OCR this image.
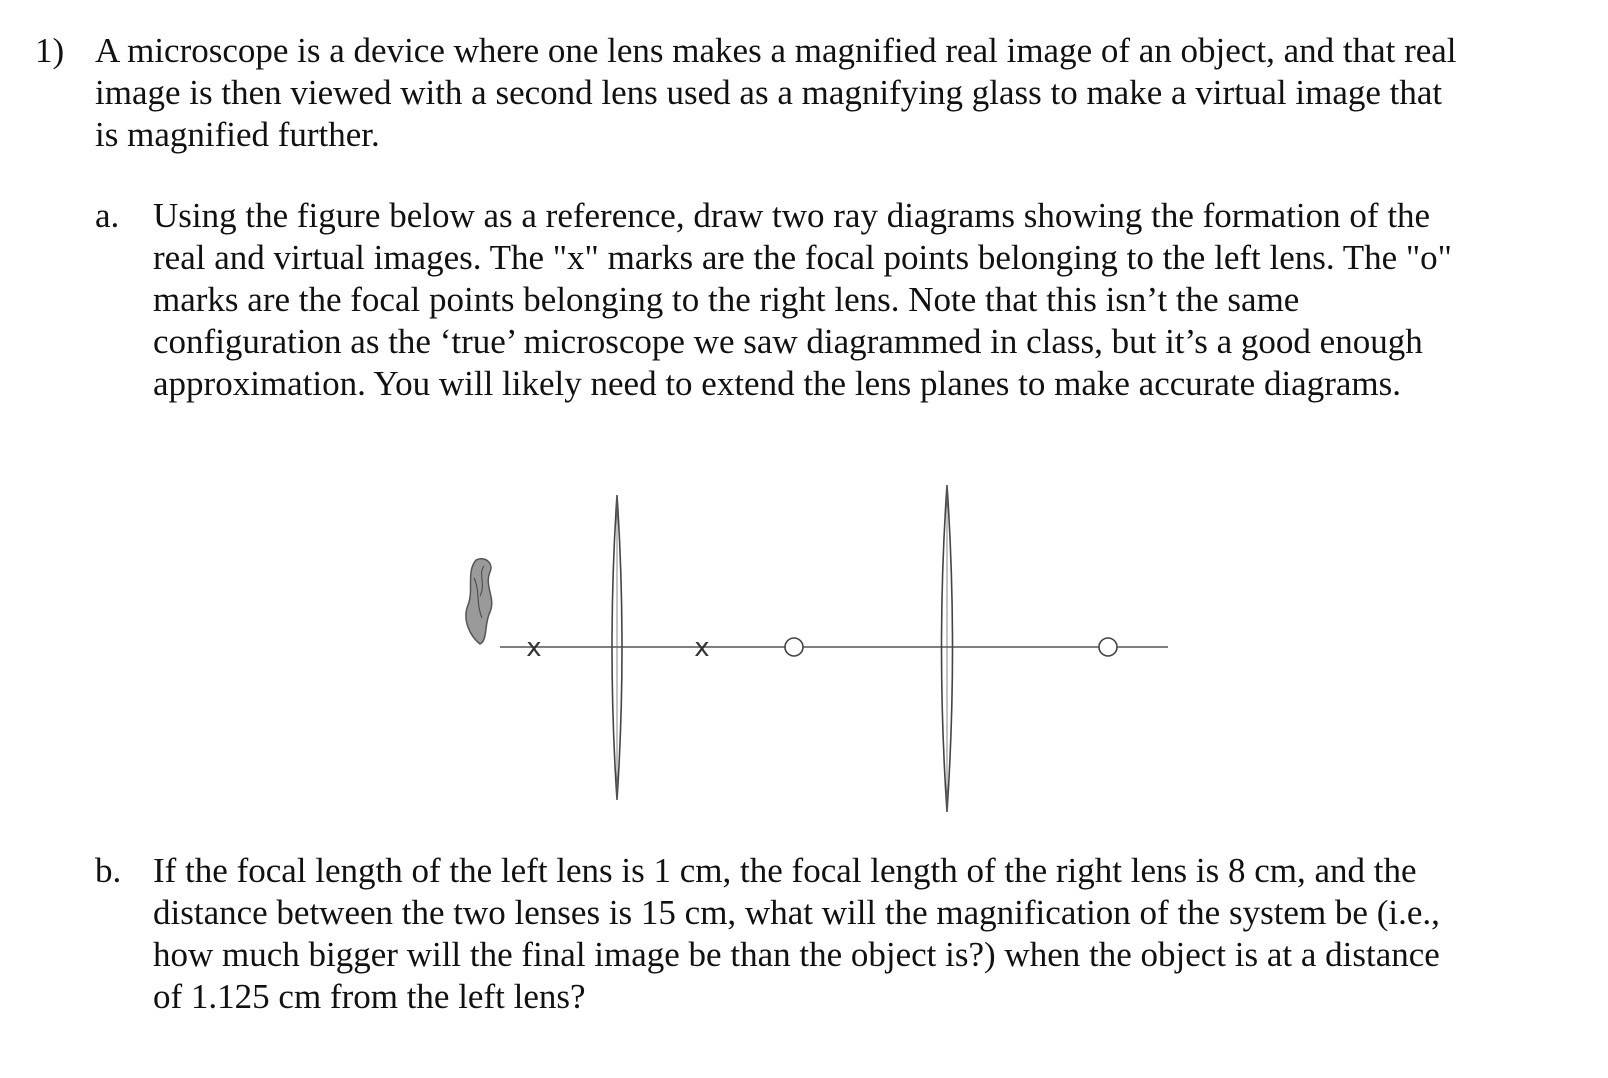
1) A microscope is a device where one lens makes a magnified real image of an object, and that real
image is then viewed with a second lens used as a magnifying glass to make a virtual image that
is magnified further.
a. Using the figure below as a reference, draw two ray diagrams showing the formation of the
real and virtual images. The "x" marks are the focal points belonging to the left lens. The "o"
marks are the focal points belonging to the right lens. Note that this isn’t the same
configuration as the ‘true’ microscope we saw diagrammed in class, but it’s a good enough
approximation. You will likely need to extend the lens planes to make accurate diagrams.
x	x
b. If the focal length of the left lens is 1 cm, the focal length of the right lens is 8 cm, and the
distance between the two lenses is 15 cm, what will the magnification of the system be (i.e.,
how much bigger will the final image be than the object is?) when the object is at a distance
of 1.125 cm from the left lens?
